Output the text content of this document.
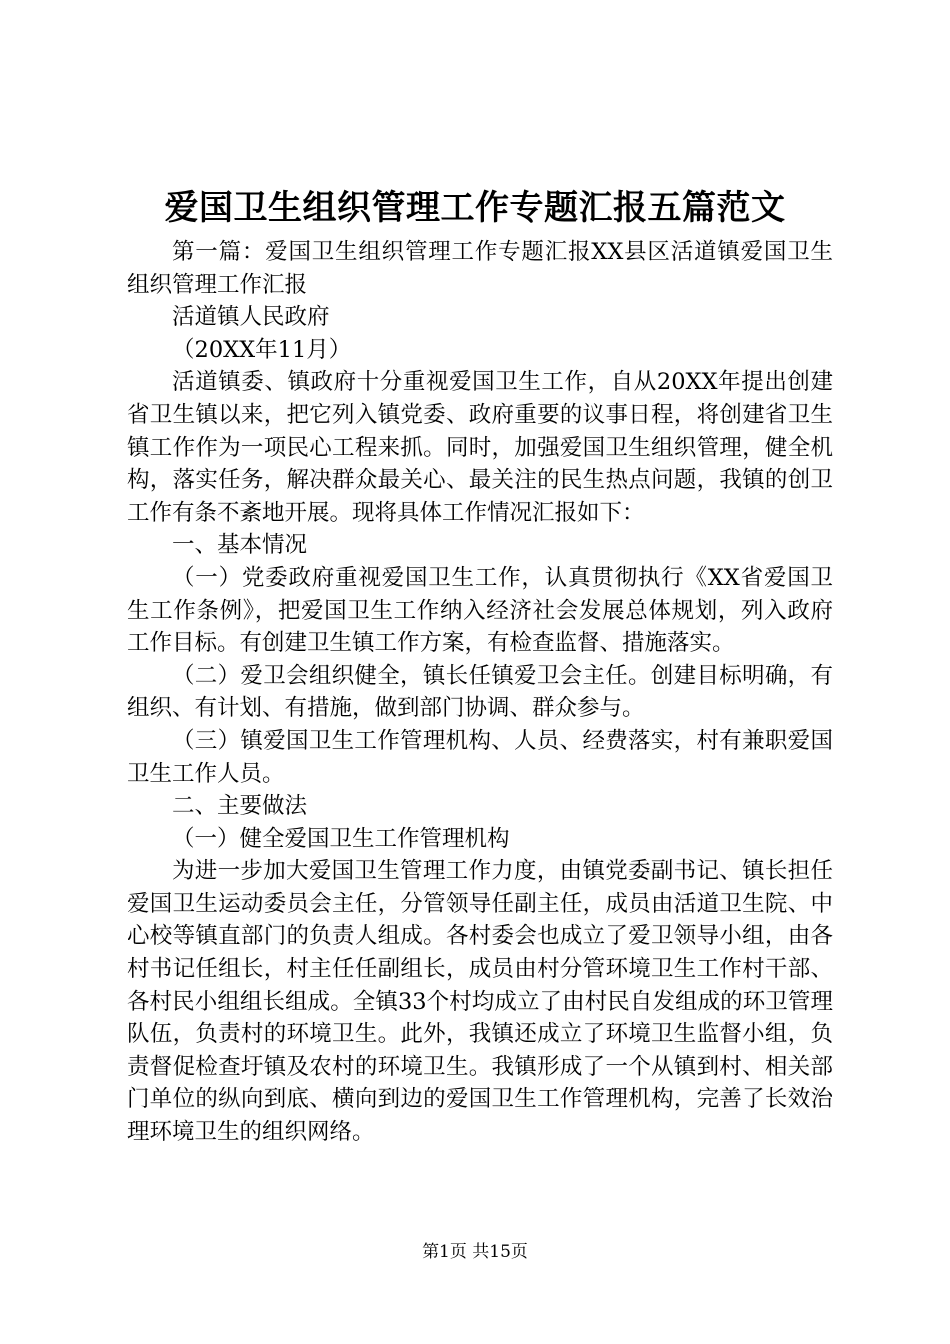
爱国卫生组织管理工作专题汇报五篇范文

第一篇：爱国卫生组织管理工作专题汇报XX县区活道镇爱国卫生组织管理工作汇报

活道镇人民政府

（20XX年11月）

活道镇委、镇政府十分重视爱国卫生工作，自从20XX年提出创建省卫生镇以来，把它列入镇党委、政府重要的议事日程，将创建省卫生镇工作作为一项民心工程来抓。同时，加强爱国卫生组织管理，健全机构，落实任务，解决群众最关心、最关注的民生热点问题，我镇的创卫工作有条不紊地开展。现将具体工作情况汇报如下：

一、基本情况

（一）党委政府重视爱国卫生工作，认真贯彻执行《XX省爱国卫生工作条例》，把爱国卫生工作纳入经济社会发展总体规划，列入政府工作目标。有创建卫生镇工作方案，有检查监督、措施落实。

（二）爱卫会组织健全，镇长任镇爱卫会主任。创建目标明确，有组织、有计划、有措施，做到部门协调、群众参与。

（三）镇爱国卫生工作管理机构、人员、经费落实，村有兼职爱国卫生工作人员。

二、主要做法

（一）健全爱国卫生工作管理机构

为进一步加大爱国卫生管理工作力度，由镇党委副书记、镇长担任爱国卫生运动委员会主任，分管领导任副主任，成员由活道卫生院、中心校等镇直部门的负责人组成。各村委会也成立了爱卫领导小组，由各村书记任组长，村主任任副组长，成员由村分管环境卫生工作村干部、各村民小组组长组成。全镇33个村均成立了由村民自发组成的环卫管理队伍，负责村的环境卫生。此外，我镇还成立了环境卫生监督小组，负责督促检查圩镇及农村的环境卫生。我镇形成了一个从镇到村、相关部门单位的纵向到底、横向到边的爱国卫生工作管理机构，完善了长效治理环境卫生的组织网络。

第1页 共15页
